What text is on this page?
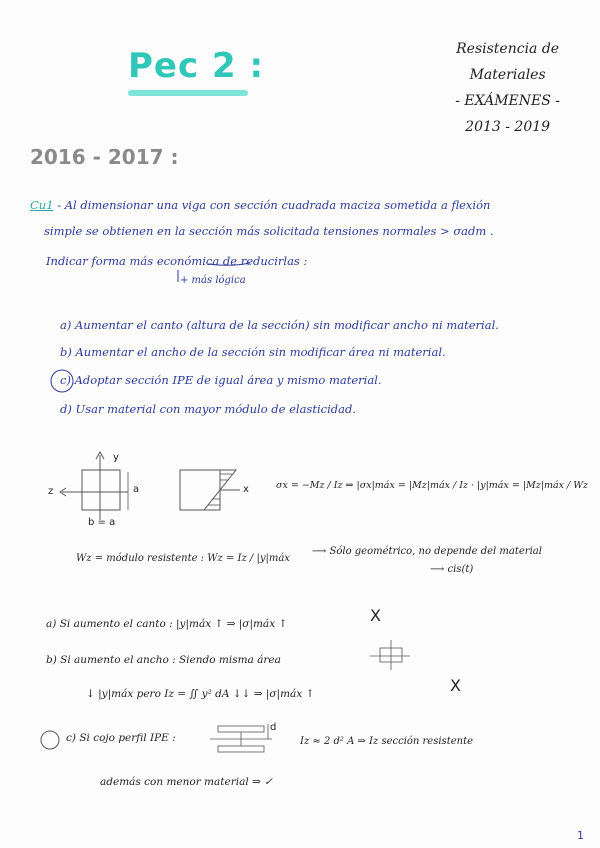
Pec 2 :	Resistencia de
Materiales
- EXÁMENES -
2013 - 2019
2016 - 2017 :
Cu1 - Al dimensionar una viga con sección cuadrada maciza sometida a flexión
simple se obtienen en la sección más solicitada tensiones normales > σadm .
Indicar forma más económica de reducirlas :
+ más lógica
a) Aumentar el canto (altura de la sección) sin modificar ancho ni material.
b) Aumentar el ancho de la sección sin modificar área ni material.
c) Adoptar sección IPE de igual área y mismo material.
d) Usar material con mayor módulo de elasticidad.
y
z	x
a
b = a
σx = −Mz / Iz ⇒ |σx|máx = |Mz|máx / Iz · |y|máx = |Mz|máx / Wz
Wz = módulo resistente : Wz = Iz / |y|máx
⟶ Sólo geométrico, no depende del material
⟶ cis(t)
a) Si aumento el canto : |y|máx ↑ ⇒ |σ|máx ↑	X
b) Si aumento el ancho : Siendo misma área
↓ |y|máx pero Iz = ∬ y² dA ↓↓ ⇒ |σ|máx ↑	X
c) Si cojo perfil IPE :
d
Iz ≈ 2 d² A ⇒ Iz sección resistente
además con menor material ⇒ ✓
1
